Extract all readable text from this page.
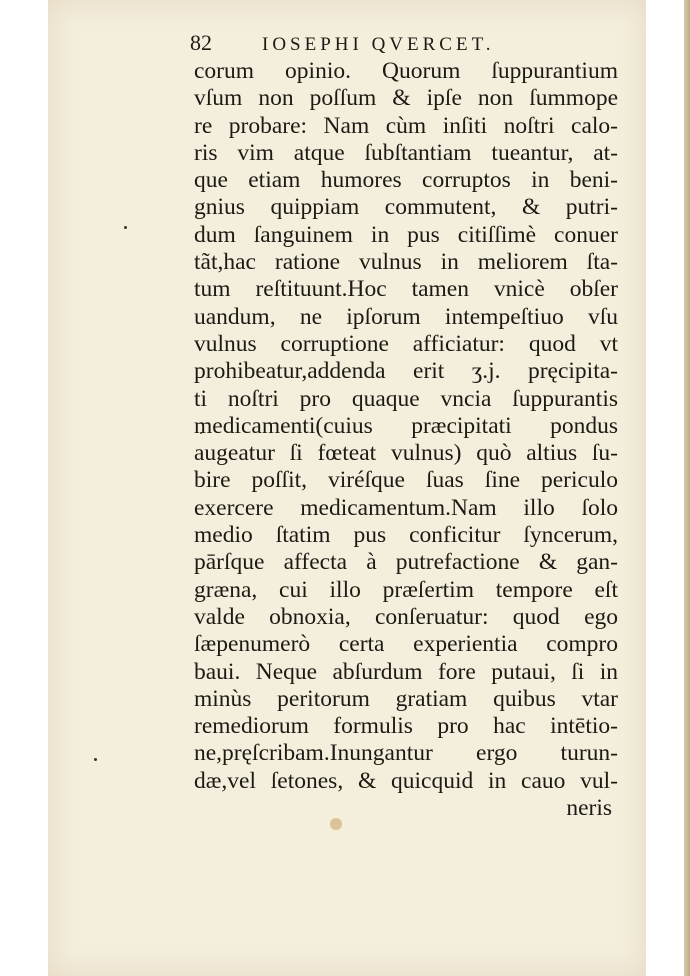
82	IOSEPHI QVERCET.
corum opinio. Quorum ſuppurantium
vſum non poſſum & ipſe non ſummope
re probare: Nam cùm inſiti noſtri calo-
ris vim atque ſubſtantiam tueantur, at-
que etiam humores corruptos in beni-
gnius quippiam commutent, & putri-
dum ſanguinem in pus citiſſimè conuer
tãt,hac ratione vulnus in meliorem ſta-
tum reſtituunt.Hoc tamen vnicè obſer
uandum, ne ipſorum intempeſtiuo vſu
vulnus corruptione afficiatur: quod vt
prohibeatur,addenda erit ʒ.j. pręcipita-
ti noſtri pro quaque vncia ſuppurantis
medicamenti(cuius præcipitati pondus
augeatur ſi fœteat vulnus) quò altius ſu-
bire poſſit, viréſque ſuas ſine periculo
exercere medicamentum.Nam illo ſolo
medio ſtatim pus conficitur ſyncerum,
pārſque affecta à putrefactione & gan-
græna, cui illo præſertim tempore eſt
valde obnoxia, conſeruatur: quod ego
ſæpenumerò certa experientia compro
baui. Neque abſurdum fore putaui, ſi in
minùs peritorum gratiam quibus vtar
remediorum formulis pro hac intētio-
ne,pręſcribam.Inungantur ergo turun-
dæ,vel ſetones, & quicquid in cauo vul-
neris
